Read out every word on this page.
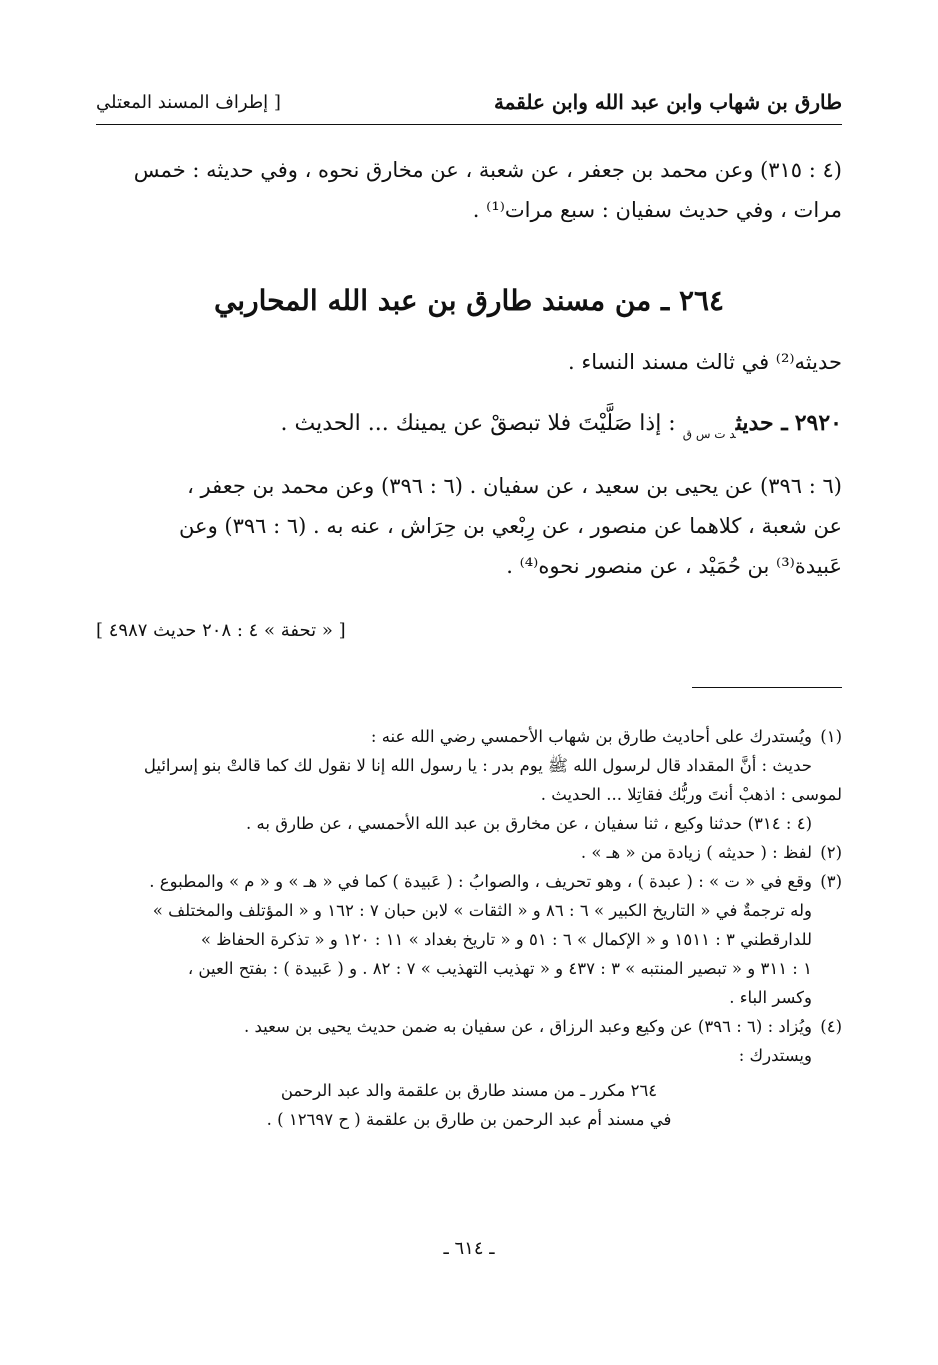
طارق بن شهاب وابن عبد الله وابن علقمة
[ إطراف المسند المعتلي
(٤ : ٣١٥) وعن محمد بن جعفر ، عن شعبة ، عن مخارق نحوه ، وفي حديثه : خمس
مرات ، وفي حديث سفيان : سبع مرات⁽¹⁾ .
٢٦٤ ـ من مسند طارق بن عبد الله المحاربي
حديثه⁽²⁾ في ثالث مسند النساء .
٢٩٢٠ ـ حديث$_{د ت س ق}$ : إذا صَلَّيْتَ فلا تبصقْ عن يمينك ... الحديث .
(٦ : ٣٩٦) عن يحيى بن سعيد ، عن سفيان . (٦ : ٣٩٦) وعن محمد بن جعفر ،
عن شعبة ، كلاهما عن منصور ، عن رِبْعي بن حِرَاش ، عنه به . (٦ : ٣٩٦) وعن
عَبيدة⁽³⁾ بن حُمَيْد ، عن منصور نحوه⁽⁴⁾ .
[ « تحفة » ٤ : ٢٠٨ حديث ٤٩٨٧ ]
(١)ويُستدرك على أحاديث طارق بن شهاب الأحمسي رضي الله عنه :
حديث : أنَّ المقداد قال لرسول الله ﷺ يوم بدر : يا رسول الله إنا لا نقول لك كما قالتْ بنو إسرائيل
لموسى : اذهبْ أنتَ وربُّك فقاتِلا ... الحديث .
(٤ : ٣١٤) حدثنا وكيع ، ثنا سفيان ، عن مخارق بن عبد الله الأحمسي ، عن طارق به .
(٢)لفظ : ( حديثه ) زيادة من « هـ » .
(٣)وقع في « ت » : ( عبدة ) ، وهو تحريف ، والصوابُ : ( عَبيدة ) كما في « هـ » و « م » والمطبوع .
وله ترجمةٌ في « التاريخ الكبير » ٦ : ٨٦ و « الثقات » لابن حبان ٧ : ١٦٢ و « المؤتلف والمختلف »
للدارقطني ٣ : ١٥١١ و « الإكمال » ٦ : ٥١ و « تاريخ بغداد » ١١ : ١٢٠ و « تذكرة الحفاظ »
١ : ٣١١ و « تبصير المنتبه » ٣ : ٤٣٧ و « تهذيب التهذيب » ٧ : ٨٢ . و ( عَبيدة ) : بفتح العين ،
وكسر الباء .
(٤)ويُزاد : (٦ : ٣٩٦) عن وكيع وعبد الرزاق ، عن سفيان به ضمن حديث يحيى بن سعيد .
ويستدرك :
٢٦٤ مكرر ـ من مسند طارق بن علقمة والد عبد الرحمن
في مسند أم عبد الرحمن بن طارق بن علقمة ( ح ١٢٦٩٧ ) .
ـ ٦١٤ ـ
